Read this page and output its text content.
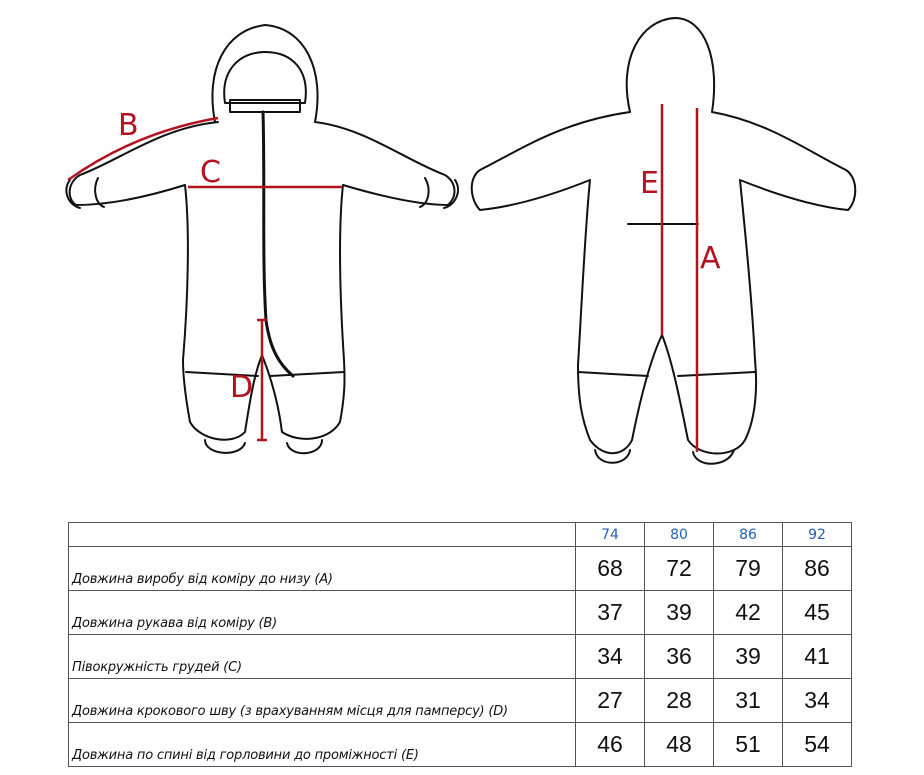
B
C
D
E
A
	74	80	86	92
Довжина виробу від коміру до низу (A)	68	72	79	86
Довжина рукава від коміру (B)	37	39	42	45
Півокружність грудей (C)	34	36	39	41
Довжина крокового шву (з врахуванням місця для памперсу) (D)	27	28	31	34
Довжина по спині від горловини до проміжності (E)	46	48	51	54
